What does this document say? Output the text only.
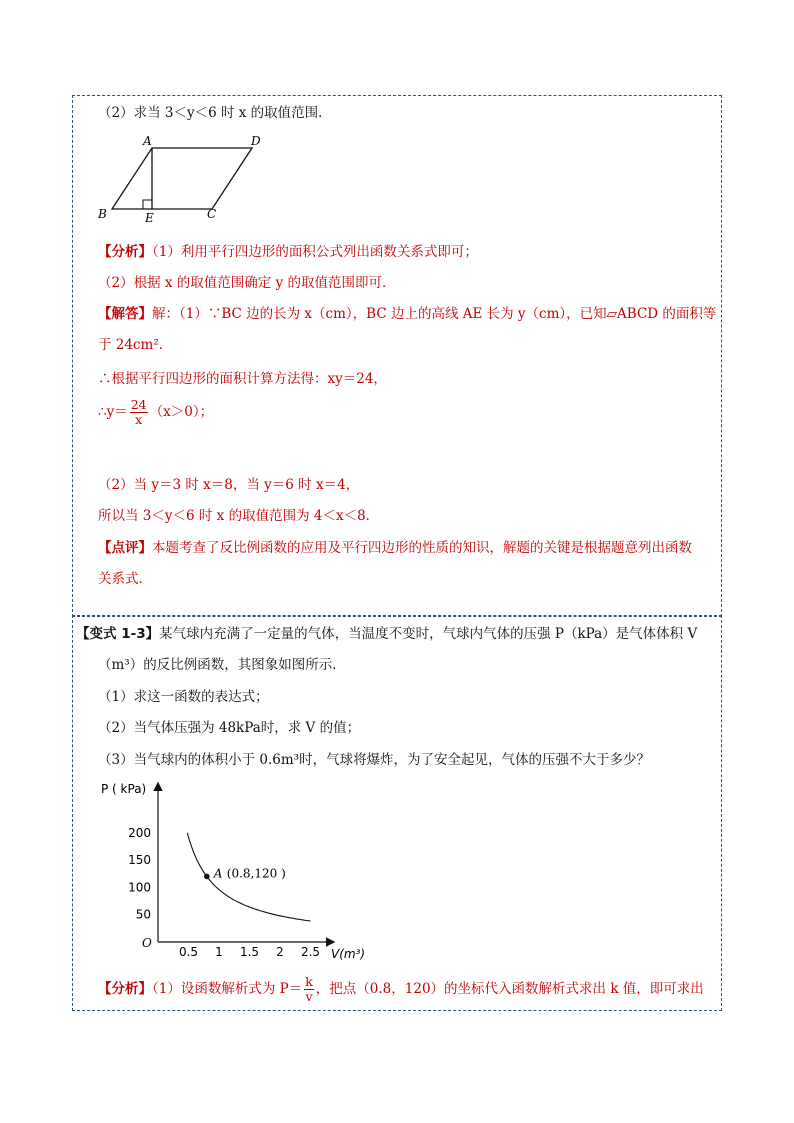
（2）求当 3＜y＜6 时 x 的取值范围．
A	D
B	E	C
【分析】（1）利用平行四边形的面积公式列出函数关系式即可；
（2）根据 x 的取值范围确定 y 的取值范围即可．
【解答】解：（1）∵BC 边的长为 x（cm），BC 边上的高线 AE 长为 y（cm），已知▱ABCD 的面积等
于 24cm²．
∴根据平行四边形的面积计算方法得：xy＝24，
∴y＝ $\frac{24}{x} (x>0)$；
（2）当 y＝3 时 x＝8，当 y＝6 时 x＝4，
所以当 3＜y＜6 时 x 的取值范围为 4＜x＜8．
【点评】本题考查了反比例函数的应用及平行四边形的性质的知识，解题的关键是根据题意列出函数
关系式．
【变式 1-3】某气球内充满了一定量的气体，当温度不变时，气球内气体的压强 P（kPa）是气体体积 V
（m³）的反比例函数，其图象如图所示．
（1）求这一函数的表达式；
（2）当气体压强为 48kPa时，求 V 的值；
（3）当气球内的体积小于 0.6m³时，气球将爆炸，为了安全起见，气体的压强不大于多少？
P ( kPa)
V(m³)
O
0.5 1 1.5 2 2.5
50
100
150
200
A (0.8,120 )
【分析】（1）设函数解析式为 $P= \frac{k}{v}$ ，把点（0.8，120）的坐标代入函数解析式求出 k 值，即可求出
